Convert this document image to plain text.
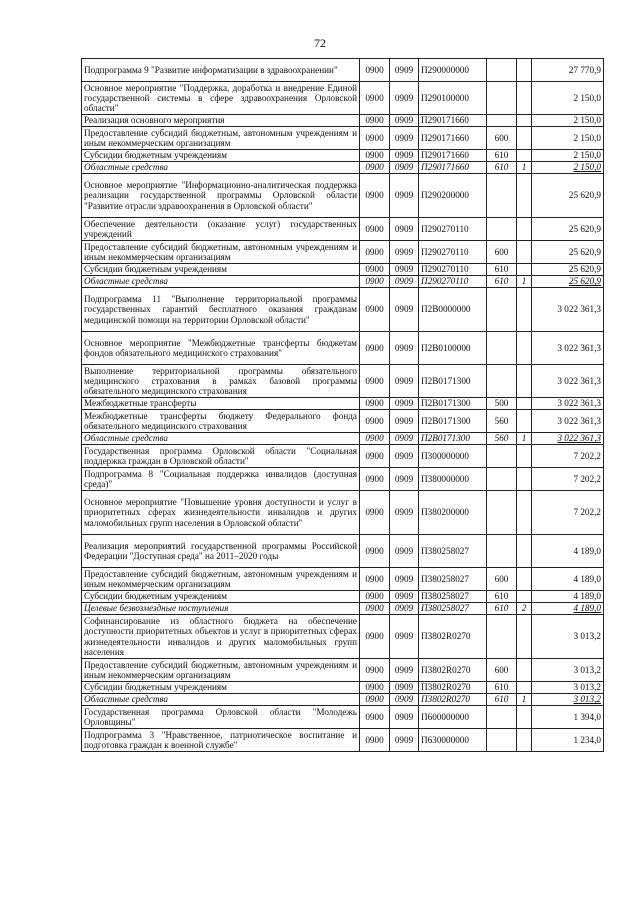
72
Подпрограмма 9 "Развитие информатизации в здравоохранении"	0900	0909	П290000000			27 770,9
Основное мероприятие "Поддержка, доработка и внедрение Единой государственной системы в сфере здравоохранения Орловской области"	0900	0909	П290100000			2 150,0
Реализация основного мероприятия	0900	0909	П290171660			2 150,0
Предоставление субсидий бюджетным, автономным учреждениям и иным некоммерческим организациям	0900	0909	П290171660	600		2 150,0
Субсидии бюджетным учреждениям	0900	0909	П290171660	610		2 150,0
Областные средства	0900	0909	П290171660	610	1	2 150,0
Основное мероприятие "Информационно-аналитическая поддержка реализации государственной программы Орловской области "Развитие отрасли здравоохранения в Орловской области"	0900	0909	П290200000			25 620,9
Обеспечение деятельности (оказание услуг) государственных учреждений	0900	0909	П290270110			25 620,9
Предоставление субсидий бюджетным, автономным учреждениям и иным некоммерческим организациям	0900	0909	П290270110	600		25 620,9
Субсидии бюджетным учреждениям	0900	0909	П290270110	610		25 620,9
Областные средства	0900	0909	П290270110	610	1	25 620,9
Подпрограмма 11 "Выполнение территориальной программы государственных гарантий бесплатного оказания гражданам медицинской помощи на территории Орловской области"	0900	0909	П2В0000000			3 022 361,3
Основное мероприятие "Межбюджетные трансферты бюджетам фондов обязательного медицинского страхования"	0900	0909	П2В0100000			3 022 361,3
Выполнение территориальной программы обязательного медицинского страхования в рамках базовой программы обязательного медицинского страхования	0900	0909	П2В0171300			3 022 361,3
Межбюджетные трансферты	0900	0909	П2В0171300	500		3 022 361,3
Межбюджетные трансферты бюджету Федерального фонда обязательного медицинского страхования	0900	0909	П2В0171300	560		3 022 361,3
Областные средства	0900	0909	П2В0171300	560	1	3 022 361,3
Государственная программа Орловской области "Социальная поддержка граждан в Орловской области"	0900	0909	П300000000			7 202,2
Подпрограмма 8 "Социальная поддержка инвалидов (доступная среда)"	0900	0909	П380000000			7 202,2
Основное мероприятие "Повышение уровня доступности и услуг в приоритетных сферах жизнедеятельности инвалидов и других маломобильных групп населения в Орловской области"	0900	0909	П380200000			7 202,2
Реализация мероприятий государственной программы Российской Федерации "Доступная среда" на 2011–2020 годы	0900	0909	П380258027			4 189,0
Предоставление субсидий бюджетным, автономным учреждениям и иным некоммерческим организациям	0900	0909	П380258027	600		4 189,0
Субсидии бюджетным учреждениям	0900	0909	П380258027	610		4 189,0
Целевые безвозмездные поступления	0900	0909	П380258027	610	2	4 189,0
Софинансирование из областного бюджета на обеспечение доступности приоритетных объектов и услуг в приоритетных сферах жизнедеятельности инвалидов и других маломобильных групп населения	0900	0909	П3802R0270			3 013,2
Предоставление субсидий бюджетным, автономным учреждениям и иным некоммерческим организациям	0900	0909	П3802R0270	600		3 013,2
Субсидии бюджетным учреждениям	0900	0909	П3802R0270	610		3 013,2
Областные средства	0900	0909	П3802R0270	610	1	3 013,2
Государственная программа Орловской области "Молодежь Орловщины"	0900	0909	П600000000			1 394,0
Подпрограмма 3 "Нравственное, патриотическое воспитание и подготовка граждан к военной службе"	0900	0909	П630000000			1 234,0
